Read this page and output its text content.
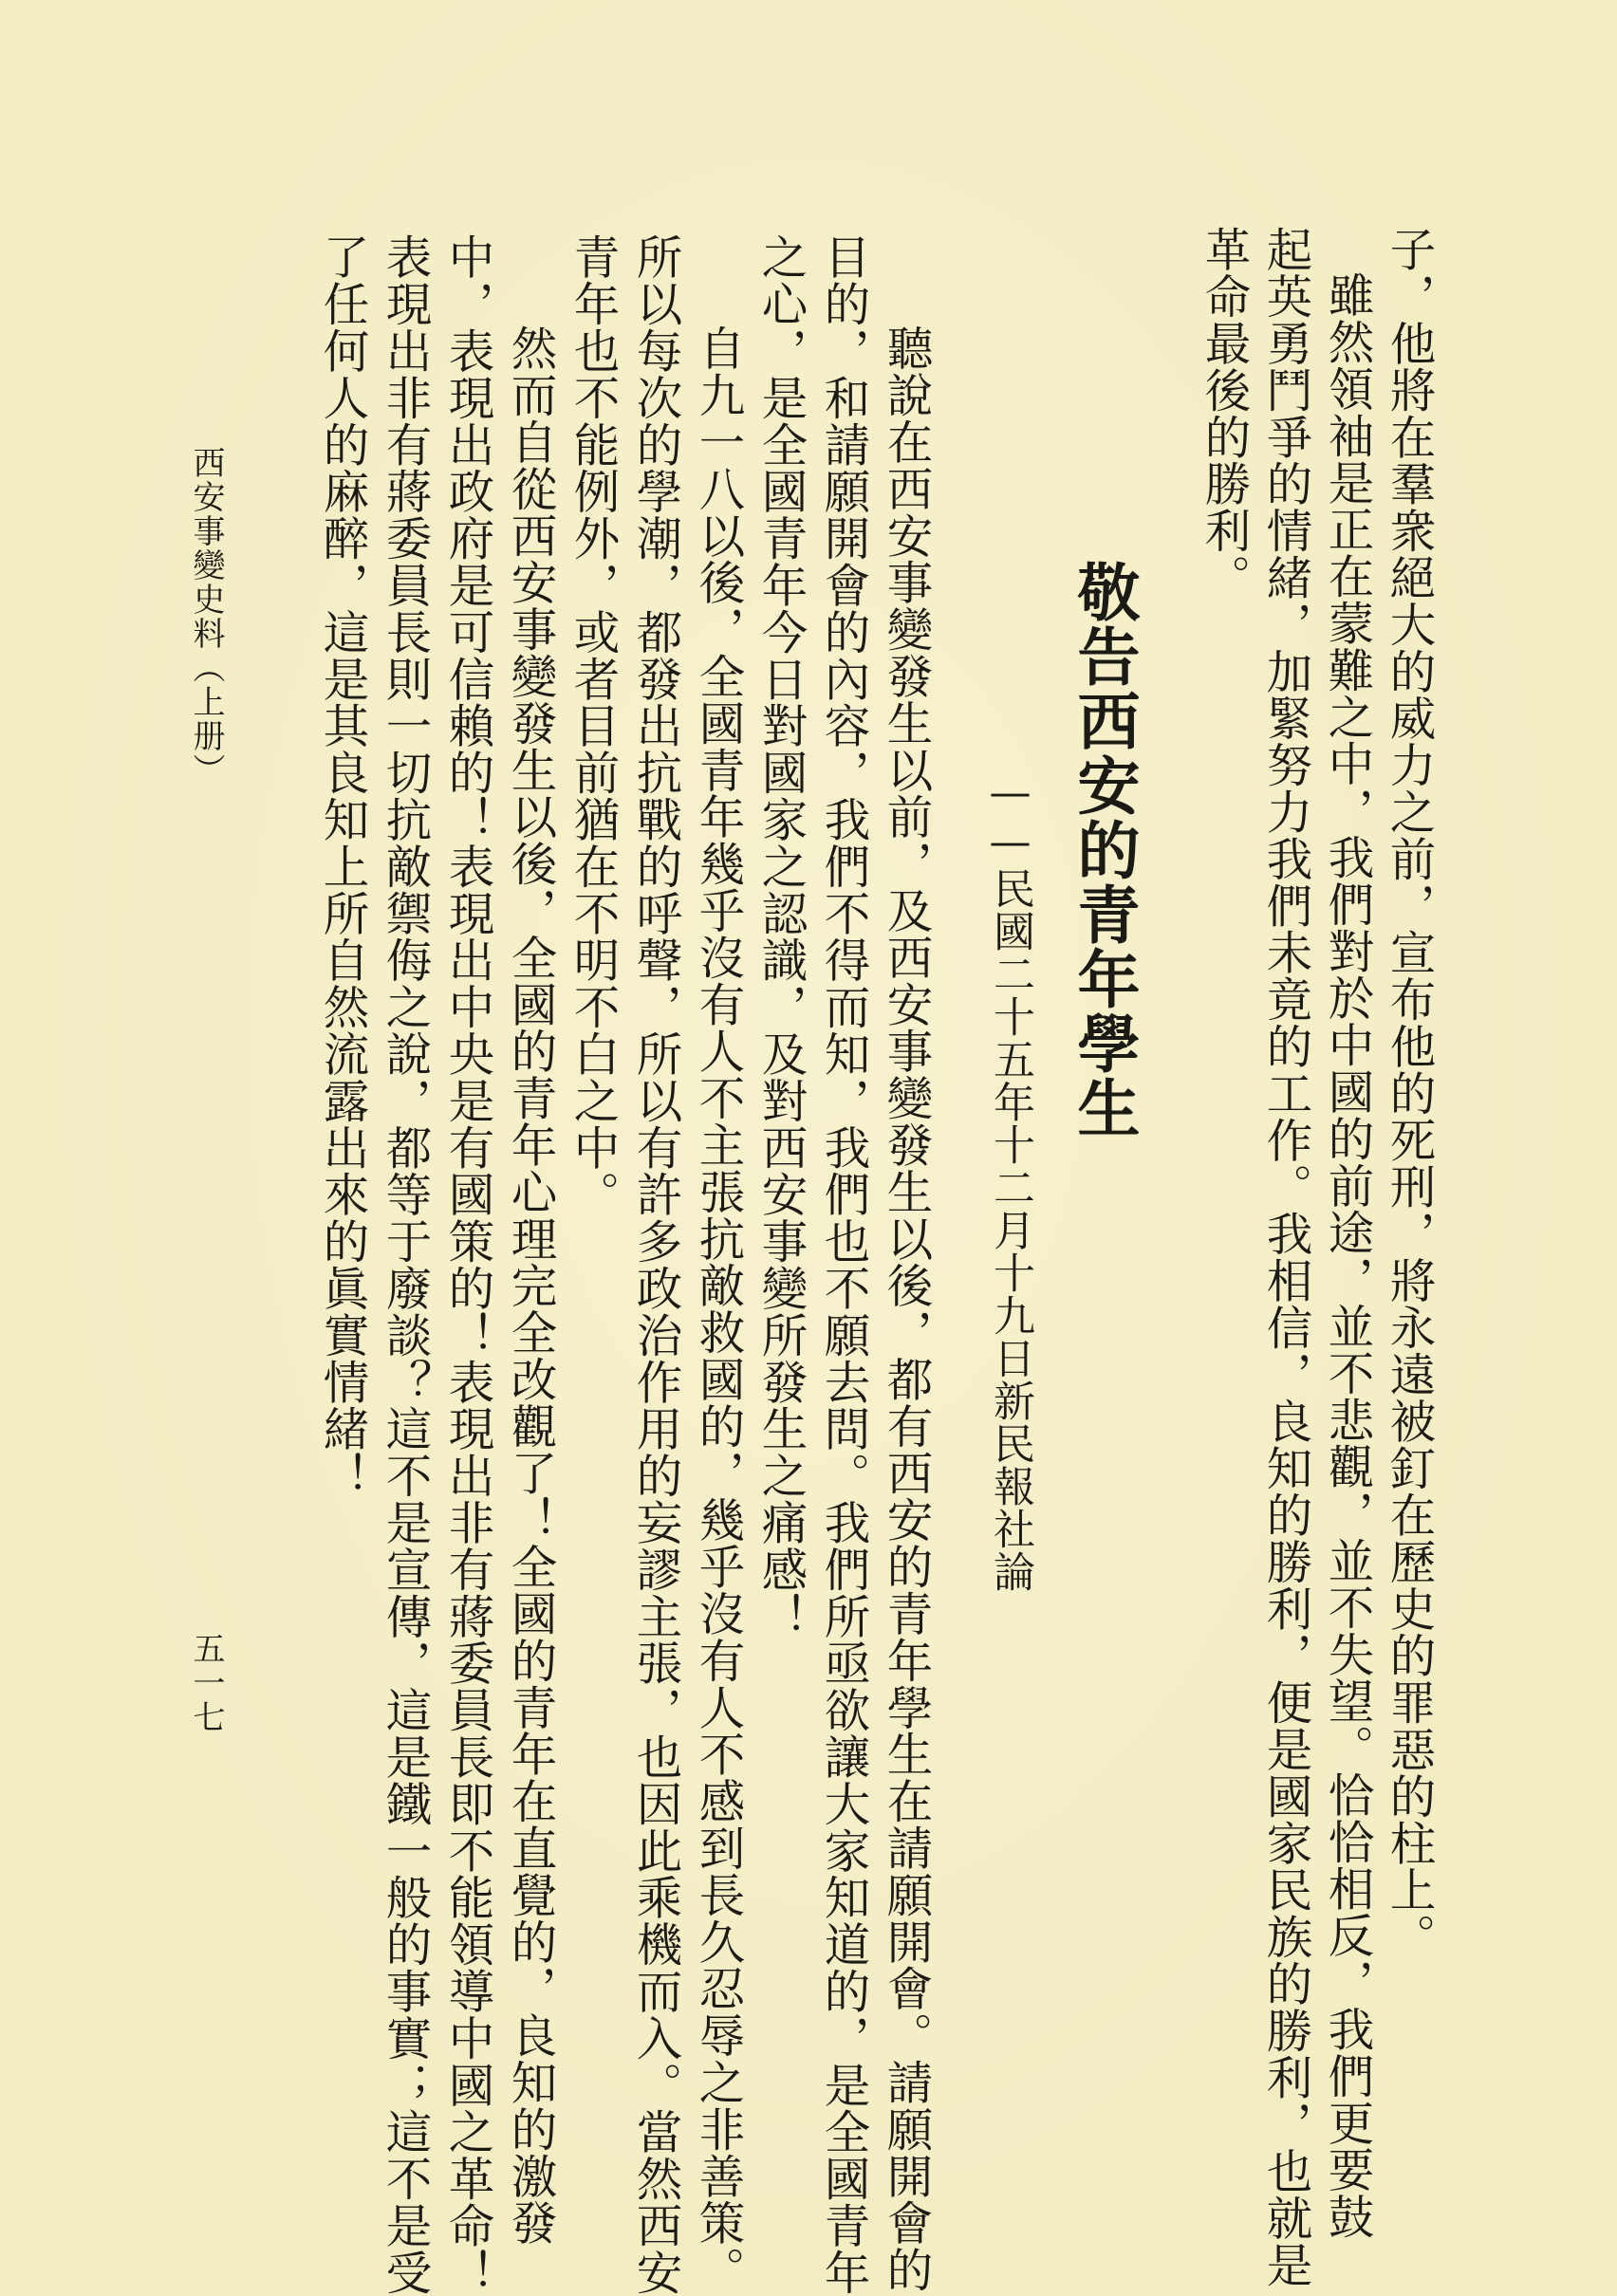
子，他將在羣衆絕大的威力之前，宣布他的死刑，將永遠被釘在歷史的罪惡的柱上。
雖然領袖是正在蒙難之中，我們對於中國的前途，並不悲觀，並不失望。恰恰相反，我們更要鼓
起英勇鬥爭的情緒，加緊努力我們未竟的工作。我相信，良知的勝利，便是國家民族的勝利，也就是
革命最後的勝利。
敬告西安的青年學生
——民國二十五年十二月十九日新民報社論
聽說在西安事變發生以前，及西安事變發生以後，都有西安的青年學生在請願開會。請願開會的
目的，和請願開會的內容，我們不得而知，我們也不願去問。我們所亟欲讓大家知道的，是全國青年
之心，是全國青年今日對國家之認識，及對西安事變所發生之痛感！
自九一八以後，全國青年幾乎沒有人不主張抗敵救國的，幾乎沒有人不感到長久忍辱之非善策。
所以每次的學潮，都發出抗戰的呼聲，所以有許多政治作用的妄謬主張，也因此乘機而入。當然西安
青年也不能例外，或者目前猶在不明不白之中。
然而自從西安事變發生以後，全國的青年心理完全改觀了！全國的青年在直覺的，良知的激發
中，表現出政府是可信賴的！表現出中央是有國策的！表現出非有蔣委員長即不能領導中國之革命！
表現出非有蔣委員長則一切抗敵禦侮之說，都等于廢談？這不是宣傳，這是鐵一般的事實；這不是受
了任何人的麻醉，這是其良知上所自然流露出來的眞實情緒！
西安事變史料（上册）
五一七
